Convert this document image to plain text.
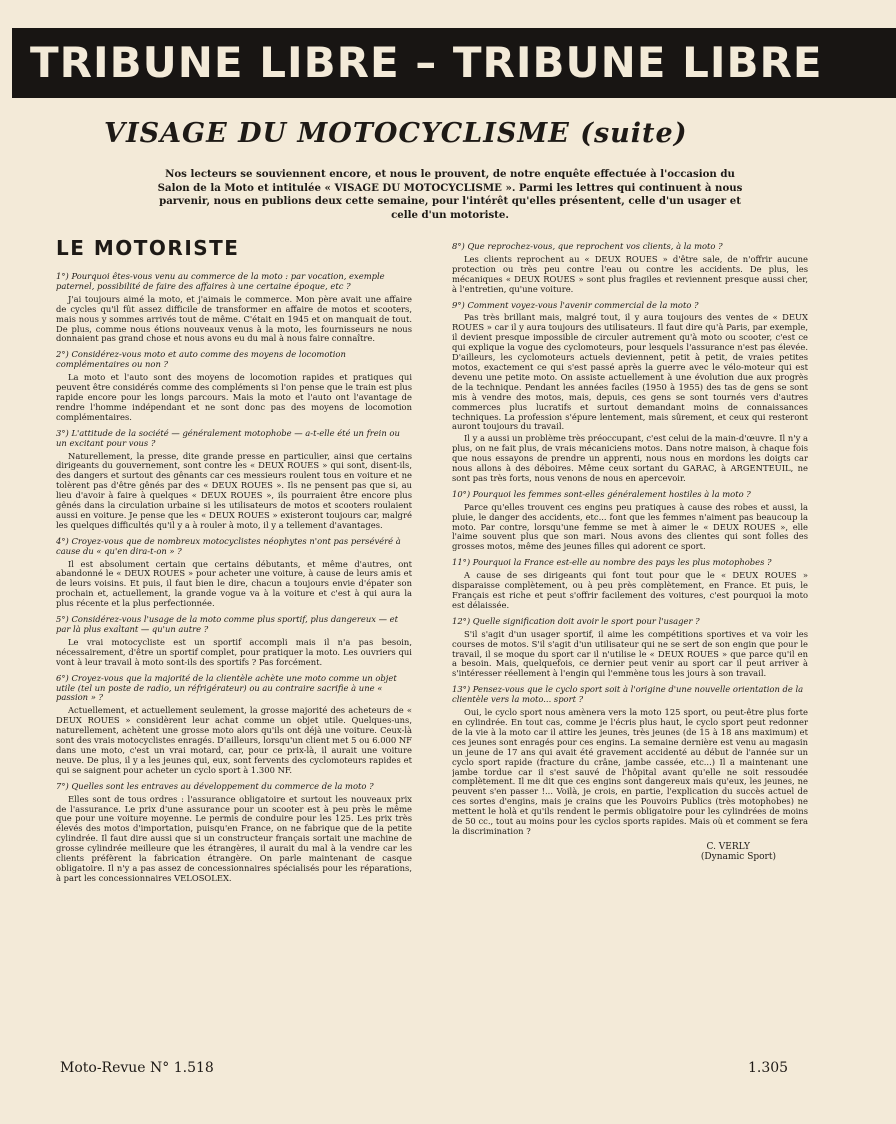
TRIBUNE LIBRE – TRIBUNE LIBRE
VISAGE DU MOTOCYCLISME (suite)
Nos lecteurs se souviennent encore, et nous le prouvent, de notre enquête effectuée à l'occasion du Salon de la Moto et intitulée « VISAGE DU MOTOCYCLISME ». Parmi les lettres qui continuent à nous parvenir, nous en publions deux cette semaine, pour l'intérêt qu'elles présentent, celle d'un usager et celle d'un motoriste.
LE MOTORISTE
1°) Pourquoi êtes-vous venu au commerce de la moto : par vocation, exemple paternel, possibilité de faire des affaires à une certaine époque, etc ?
J'ai toujours aimé la moto, et j'aimais le commerce. Mon père avait une affaire de cycles qu'il fût assez difficile de transformer en affaire de motos et scooters, mais nous y sommes arrivés tout de même. C'était en 1945 et on manquait de tout. De plus, comme nous étions nouveaux venus à la moto, les fournisseurs ne nous donnaient pas grand chose et nous avons eu du mal à nous faire connaître.
2°) Considérez-vous moto et auto comme des moyens de locomotion complémentaires ou non ?
La moto et l'auto sont des moyens de locomotion rapides et pratiques qui peuvent être considérés comme des compléments si l'on pense que le train est plus rapide encore pour les longs parcours. Mais la moto et l'auto ont l'avantage de rendre l'homme indépendant et ne sont donc pas des moyens de locomotion complémentaires.
3°) L'attitude de la société — généralement motophobe — a-t-elle été un frein ou un excitant pour vous ?
Naturellement, la presse, dite grande presse en particulier, ainsi que certains dirigeants du gouvernement, sont contre les « DEUX ROUES » qui sont, disent-ils, des dangers et surtout des gênants car ces messieurs roulent tous en voiture et ne tolèrent pas d'être gênés par des « DEUX ROUES ». Ils ne pensent pas que si, au lieu d'avoir à faire à quelques « DEUX ROUES », ils pourraient être encore plus gênés dans la circulation urbaine si les utilisateurs de motos et scooters roulaient aussi en voiture. Je pense que les « DEUX ROUES » existeront toujours car, malgré les quelques difficultés qu'il y a à rouler à moto, il y a tellement d'avantages.
4°) Croyez-vous que de nombreux motocyclistes néophytes n'ont pas persévéré à cause du « qu'en dira-t-on » ?
Il est absolument certain que certains débutants, et même d'autres, ont abandonné le « DEUX ROUES » pour acheter une voiture, à cause de leurs amis et de leurs voisins. Et puis, il faut bien le dire, chacun a toujours envie d'épater son prochain et, actuellement, la grande vogue va à la voiture et c'est à qui aura la plus récente et la plus perfectionnée.
5°) Considérez-vous l'usage de la moto comme plus sportif, plus dangereux — et par là plus exaltant — qu'un autre ?
Le vrai motocycliste est un sportif accompli mais il n'a pas besoin, nécessairement, d'être un sportif complet, pour pratiquer la moto. Les ouvriers qui vont à leur travail à moto sont-ils des sportifs ? Pas forcément.
6°) Croyez-vous que la majorité de la clientèle achète une moto comme un objet utile (tel un poste de radio, un réfrigérateur) ou au contraire sacrifie à une « passion » ?
Actuellement, et actuellement seulement, la grosse majorité des acheteurs de « DEUX ROUES » considèrent leur achat comme un objet utile. Quelques-uns, naturellement, achètent une grosse moto alors qu'ils ont déjà une voiture. Ceux-là sont des vrais motocyclistes enragés. D'ailleurs, lorsqu'un client met 5 ou 6.000 NF dans une moto, c'est un vrai motard, car, pour ce prix-là, il aurait une voiture neuve. De plus, il y a les jeunes qui, eux, sont fervents des cyclomoteurs rapides et qui se saignent pour acheter un cyclo sport à 1.300 NF.
7°) Quelles sont les entraves au développement du commerce de la moto ?
Elles sont de tous ordres : l'assurance obligatoire et surtout les nouveaux prix de l'assurance. Le prix d'une assurance pour un scooter est à peu près le même que pour une voiture moyenne. Le permis de conduire pour les 125. Les prix très élevés des motos d'importation, puisqu'en France, on ne fabrique que de la petite cylindrée. Il faut dire aussi que si un constructeur français sortait une machine de grosse cylindrée meilleure que les étrangères, il aurait du mal à la vendre car les clients préfèrent la fabrication étrangère. On parle maintenant de casque obligatoire. Il n'y a pas assez de concessionnaires spécialisés pour les réparations, à part les concessionnaires VELOSOLEX.
8°) Que reprochez-vous, que reprochent vos clients, à la moto ?
Les clients reprochent au « DEUX ROUES » d'être sale, de n'offrir aucune protection ou très peu contre l'eau ou contre les accidents. De plus, les mécaniques « DEUX ROUES » sont plus fragiles et reviennent presque aussi cher, à l'entretien, qu'une voiture.
9°) Comment voyez-vous l'avenir commercial de la moto ?
Pas très brillant mais, malgré tout, il y aura toujours des ventes de « DEUX ROUES » car il y aura toujours des utilisateurs. Il faut dire qu'à Paris, par exemple, il devient presque impossible de circuler autrement qu'à moto ou scooter, c'est ce qui explique la vogue des cyclomoteurs, pour lesquels l'assurance n'est pas élevée. D'ailleurs, les cyclomoteurs actuels deviennent, petit à petit, de vraies petites motos, exactement ce qui s'est passé après la guerre avec le vélo-moteur qui est devenu une petite moto. On assiste actuellement à une évolution due aux progrès de la technique. Pendant les années faciles (1950 à 1955) des tas de gens se sont mis à vendre des motos, mais, depuis, ces gens se sont tournés vers d'autres commerces plus lucratifs et surtout demandant moins de connaissances techniques. La profession s'épure lentement, mais sûrement, et ceux qui resteront auront toujours du travail.
Il y a aussi un problème très préoccupant, c'est celui de la main-d'œuvre. Il n'y a plus, on ne fait plus, de vrais mécaniciens motos. Dans notre maison, à chaque fois que nous essayons de prendre un apprenti, nous nous en mordons les doigts car nous allons à des déboires. Même ceux sortant du GARAC, à ARGENTEUIL, ne sont pas très forts, nous venons de nous en apercevoir.
10°) Pourquoi les femmes sont-elles généralement hostiles à la moto ?
Parce qu'elles trouvent ces engins peu pratiques à cause des robes et aussi, la pluie, le danger des accidents, etc... font que les femmes n'aiment pas beaucoup la moto. Par contre, lorsqu'une femme se met à aimer le « DEUX ROUES », elle l'aime souvent plus que son mari. Nous avons des clientes qui sont folles des grosses motos, même des jeunes filles qui adorent ce sport.
11°) Pourquoi la France est-elle au nombre des pays les plus motophobes ?
A cause de ses dirigeants qui font tout pour que le « DEUX ROUES » disparaisse complètement, ou à peu près complètement, en France. Et puis, le Français est riche et peut s'offrir facilement des voitures, c'est pourquoi la moto est délaissée.
12°) Quelle signification doit avoir le sport pour l'usager ?
S'il s'agit d'un usager sportif, il aime les compétitions sportives et va voir les courses de motos. S'il s'agit d'un utilisateur qui ne se sert de son engin que pour le travail, il se moque du sport car il n'utilise le « DEUX ROUES » que parce qu'il en a besoin. Mais, quelquefois, ce dernier peut venir au sport car il peut arriver à s'intéresser réellement à l'engin qui l'emmène tous les jours à son travail.
13°) Pensez-vous que le cyclo sport soit à l'origine d'une nouvelle orientation de la clientèle vers la moto... sport ?
Oui, le cyclo sport nous amènera vers la moto 125 sport, ou peut-être plus forte en cylindrée. En tout cas, comme je l'écris plus haut, le cyclo sport peut redonner de la vie à la moto car il attire les jeunes, très jeunes (de 15 à 18 ans maximum) et ces jeunes sont enragés pour ces engins. La semaine dernière est venu au magasin un jeune de 17 ans qui avait été gravement accidenté au début de l'année sur un cyclo sport rapide (fracture du crâne, jambe cassée, etc...) Il a maintenant une jambe tordue car il s'est sauvé de l'hôpital avant qu'elle ne soit ressoudée complètement. Il me dit que ces engins sont dangereux mais qu'eux, les jeunes, ne peuvent s'en passer !... Voilà, je crois, en partie, l'explication du succès actuel de ces sortes d'engins, mais je crains que les Pouvoirs Publics (très motophobes) ne mettent le holà et qu'ils rendent le permis obligatoire pour les cylindrées de moins de 50 cc., tout au moins pour les cyclos sports rapides. Mais où et comment se fera la discrimination ?
C. VERLY
(Dynamic Sport)
Moto-Revue N° 1.518	1.305
